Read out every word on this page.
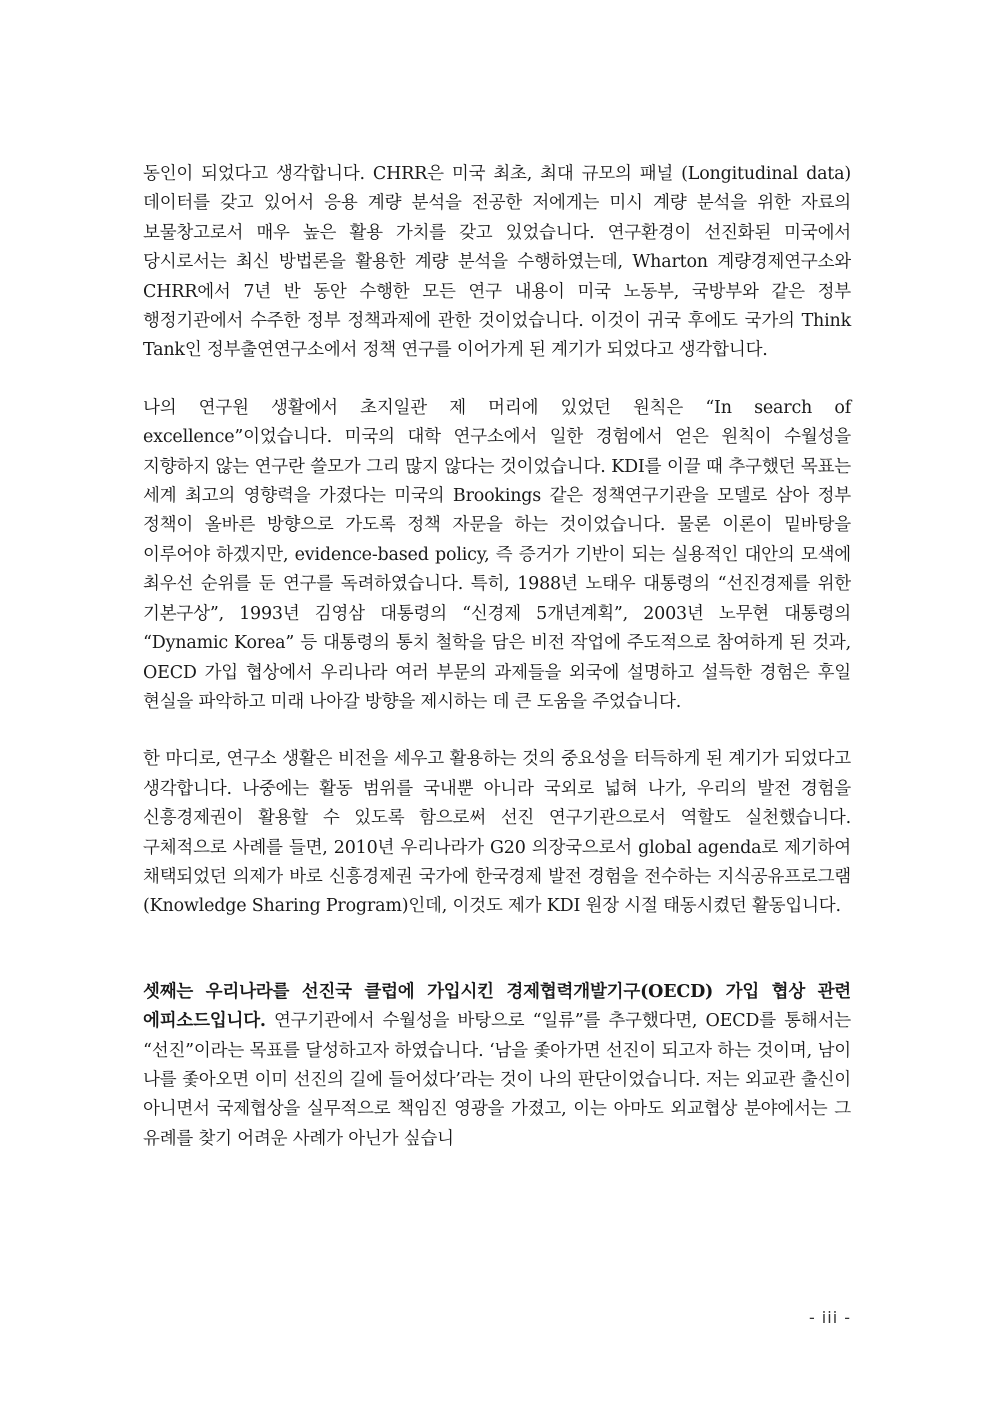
동인이 되었다고 생각합니다. CHRR은 미국 최초, 최대 규모의 패널 (Longitudinal data) 데이터를 갖고 있어서 응용 계량 분석을 전공한 저에게는 미시 계량 분석을 위한 자료의 보물창고로서 매우 높은 활용 가치를 갖고 있었습니다. 연구환경이 선진화된 미국에서 당시로서는 최신 방법론을 활용한 계량 분석을 수행하였는데, Wharton 계량경제연구소와 CHRR에서 7년 반 동안 수행한 모든 연구 내용이 미국 노동부, 국방부와 같은 정부 행정기관에서 수주한 정부 정책과제에 관한 것이었습니다. 이것이 귀국 후에도 국가의 Think Tank인 정부출연연구소에서 정책 연구를 이어가게 된 계기가 되었다고 생각합니다.

나의 연구원 생활에서 초지일관 제 머리에 있었던 원칙은 “In search of excellence”이었습니다. 미국의 대학 연구소에서 일한 경험에서 얻은 원칙이 수월성을 지향하지 않는 연구란 쓸모가 그리 많지 않다는 것이었습니다. KDI를 이끌 때 추구했던 목표는 세계 최고의 영향력을 가졌다는 미국의 Brookings 같은 정책연구기관을 모델로 삼아 정부 정책이 올바른 방향으로 가도록 정책 자문을 하는 것이었습니다. 물론 이론이 밑바탕을 이루어야 하겠지만, evidence-based policy, 즉 증거가 기반이 되는 실용적인 대안의 모색에 최우선 순위를 둔 연구를 독려하였습니다. 특히, 1988년 노태우 대통령의 “선진경제를 위한 기본구상”, 1993년 김영삼 대통령의 “신경제 5개년계획”, 2003년 노무현 대통령의 “Dynamic Korea” 등 대통령의 통치 철학을 담은 비전 작업에 주도적으로 참여하게 된 것과, OECD 가입 협상에서 우리나라 여러 부문의 과제들을 외국에 설명하고 설득한 경험은 후일 현실을 파악하고 미래 나아갈 방향을 제시하는 데 큰 도움을 주었습니다.

한 마디로, 연구소 생활은 비전을 세우고 활용하는 것의 중요성을 터득하게 된 계기가 되었다고 생각합니다. 나중에는 활동 범위를 국내뿐 아니라 국외로 넓혀 나가, 우리의 발전 경험을 신흥경제권이 활용할 수 있도록 함으로써 선진 연구기관으로서 역할도 실천했습니다. 구체적으로 사례를 들면, 2010년 우리나라가 G20 의장국으로서 global agenda로 제기하여 채택되었던 의제가 바로 신흥경제권 국가에 한국경제 발전 경험을 전수하는 지식공유프로그램(Knowledge Sharing Program)인데, 이것도 제가 KDI 원장 시절 태동시켰던 활동입니다.

셋째는 우리나라를 선진국 클럽에 가입시킨 경제협력개발기구(OECD) 가입 협상 관련 에피소드입니다. 연구기관에서 수월성을 바탕으로 “일류”를 추구했다면, OECD를 통해서는 “선진”이라는 목표를 달성하고자 하였습니다. ‘남을 좇아가면 선진이 되고자 하는 것이며, 남이 나를 좇아오면 이미 선진의 길에 들어섰다’라는 것이 나의 판단이었습니다. 저는 외교관 출신이 아니면서 국제협상을 실무적으로 책임진 영광을 가졌고, 이는 아마도 외교협상 분야에서는 그 유례를 찾기 어려운 사례가 아닌가 싶습니

- iii -
